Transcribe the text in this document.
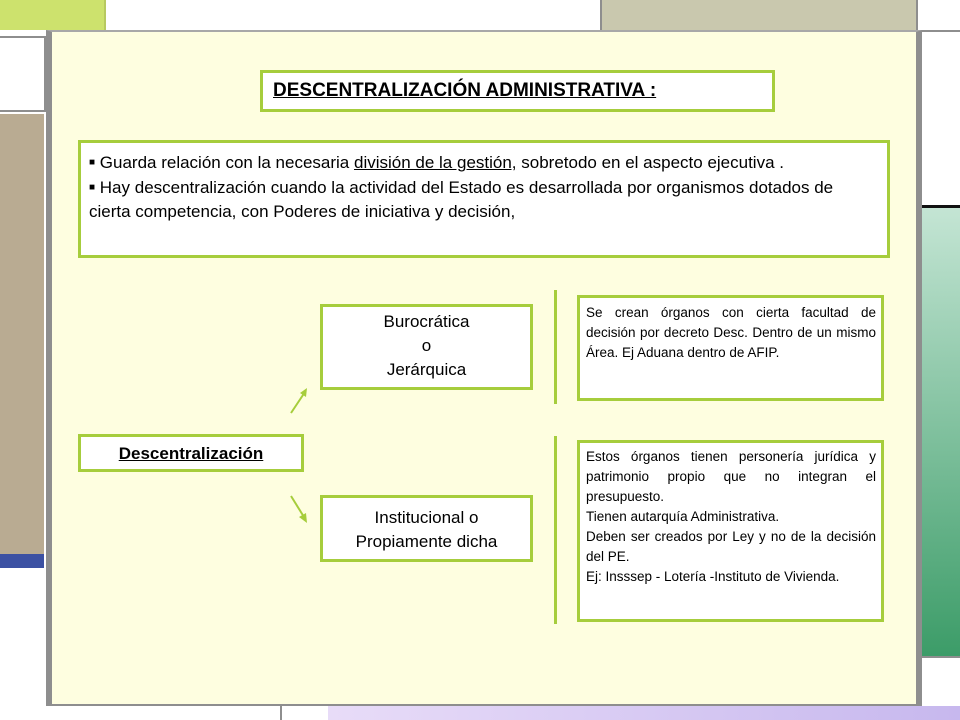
DESCENTRALIZACIÓN ADMINISTRATIVA :
■ Guarda relación con la necesaria división de la gestión, sobretodo en el aspecto ejecutiva .
■ Hay descentralización cuando la actividad del Estado es desarrollada por organismos dotados de cierta competencia, con Poderes de iniciativa y decisión,
Descentralización
Burocrática
o
Jerárquica
Se crean órganos con cierta facultad de decisión por decreto Desc. Dentro de un mismo Área. Ej Aduana dentro de AFIP.
Institucional o
Propiamente dicha
Estos órganos tienen personería jurídica y patrimonio propio que no integran el presupuesto.
Tienen autarquía Administrativa.
Deben ser creados por Ley y no de la decisión del PE.
Ej: Insssep - Lotería -Instituto de Vivienda.
